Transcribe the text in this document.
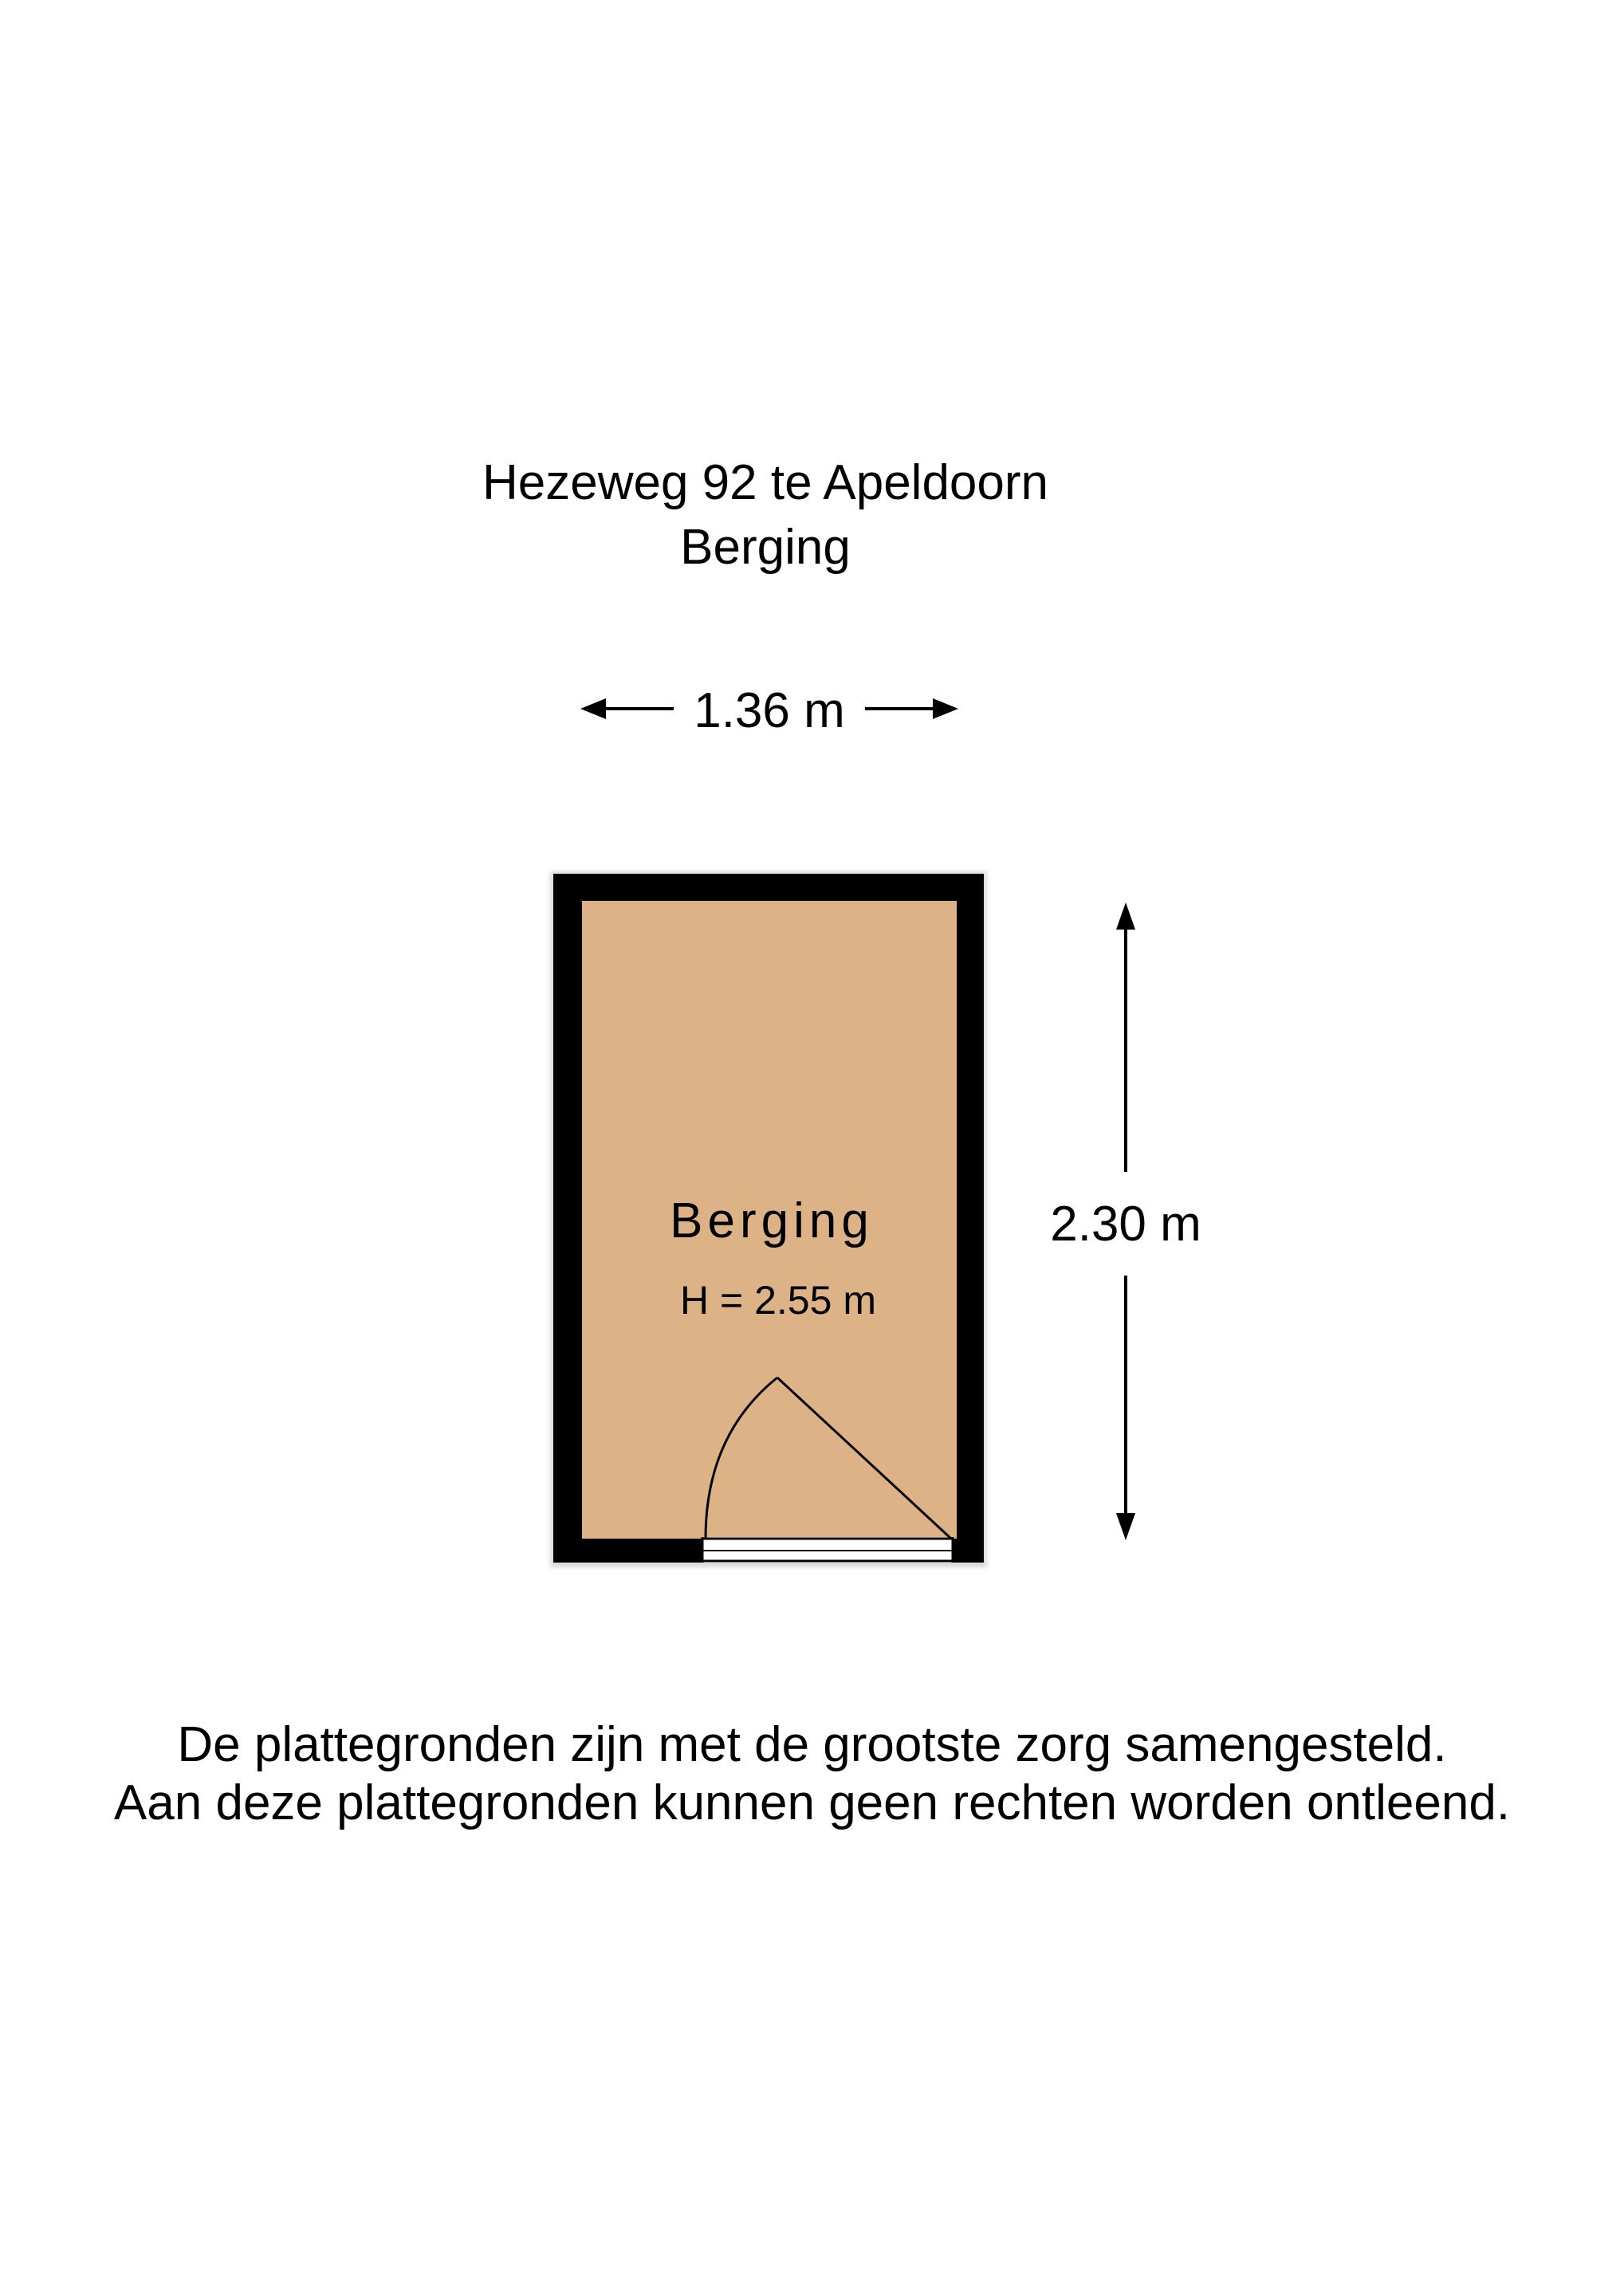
Hezeweg 92 te Apeldoorn
Berging
1.36 m
Berging
H = 2.55 m
2.30 m
De plattegronden zijn met de grootste zorg samengesteld.
Aan deze plattegronden kunnen geen rechten worden ontleend.
